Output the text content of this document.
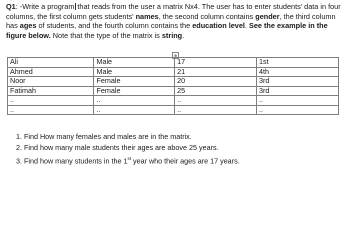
Q1: -Write a program that reads from the user a matrix Nx4. The user has to enter students' data in four columns, the first column gets students' names, the second column contains gender, the third column has ages of students, and the fourth column contains the education level. See the example in the figure below. Note that the type of the matrix is string.
⊕
Ali	Male	17	1st
Ahmed	Male	21	4th
Noor	Female	20	3rd
Fatimah	Female	25	3rd
..	..	..	..
..	..	..	..
1. Find How many females and males are in the matrix.
2. Find how many male students their ages are above 25 years.
3. Find how many students in the 1st year who their ages are 17 years.
